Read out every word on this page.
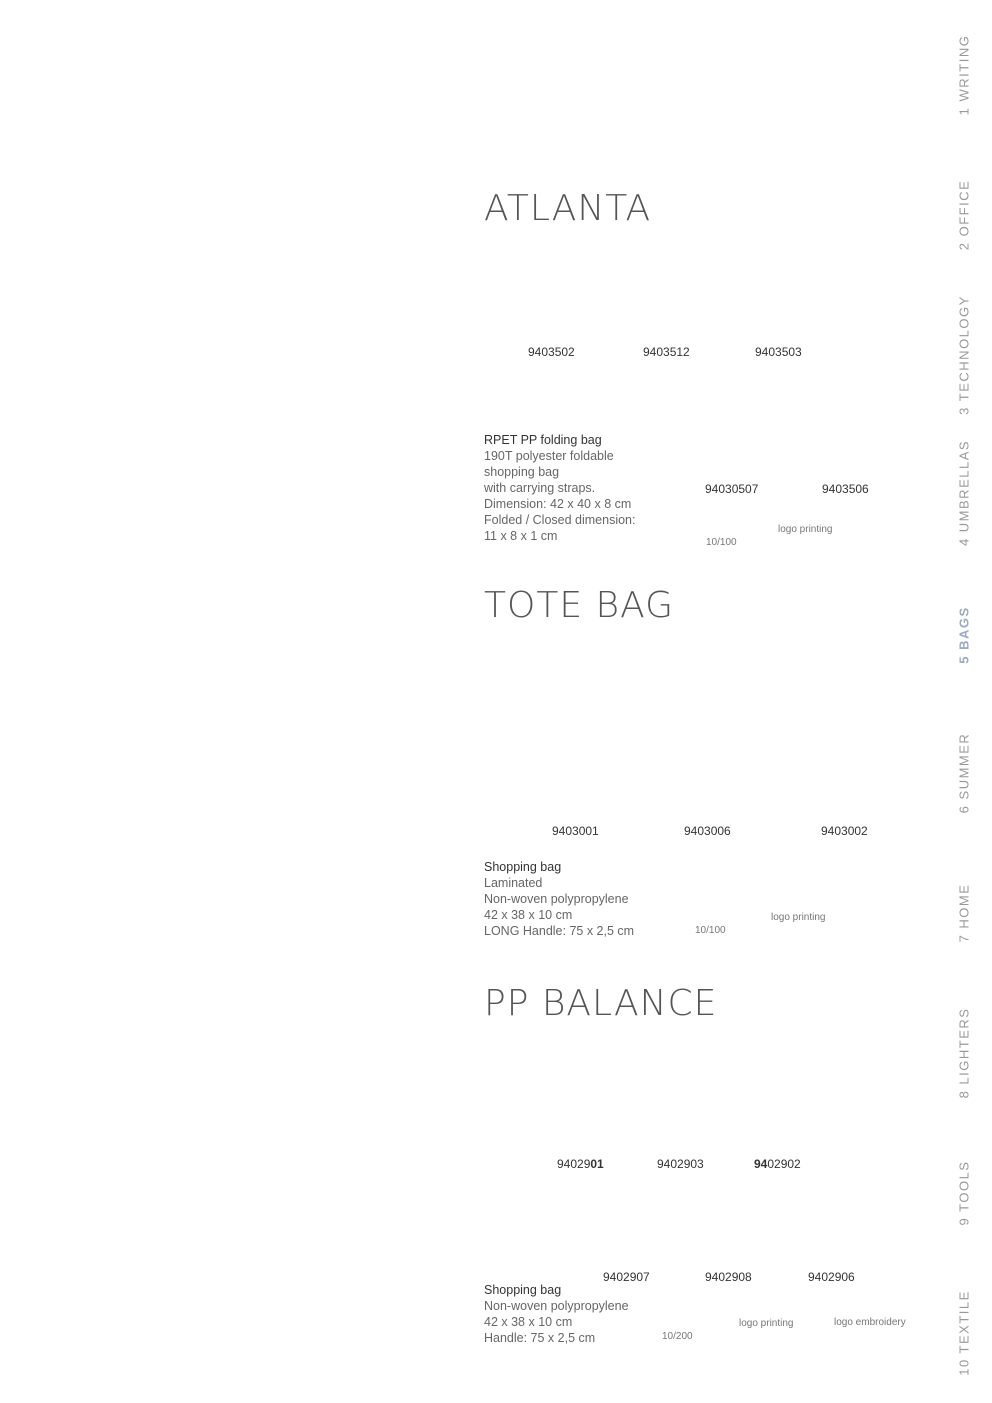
1 WRITING
2 OFFICE
3 TECHNOLOGY
4 UMBRELLAS
5 BAGS
6 SUMMER
7 HOME
8 LIGHTERS
9 TOOLS
10 TEXTILE
ATLANTA
9403502	9403512	9403503
RPET PP folding bag
190T polyester foldable
shopping bag
with carrying straps.
Dimension: 42 x 40 x 8 cm
Folded / Closed dimension:
11 x 8 x 1 cm
94030507	9403506
logo printing
10/100
TOTE BAG
9403001	9403006	9403002
Shopping bag
Laminated
Non-woven polypropylene
42 x 38 x 10 cm
LONG Handle: 75 x 2,5 cm
logo printing
10/100
PP BALANCE
9402901	9402903	9402902
9402907	9402908	9402906
Shopping bag
Non-woven polypropylene
42 x 38 x 10 cm
Handle: 75 x 2,5 cm
logo printing	logo embroidery
10/200
